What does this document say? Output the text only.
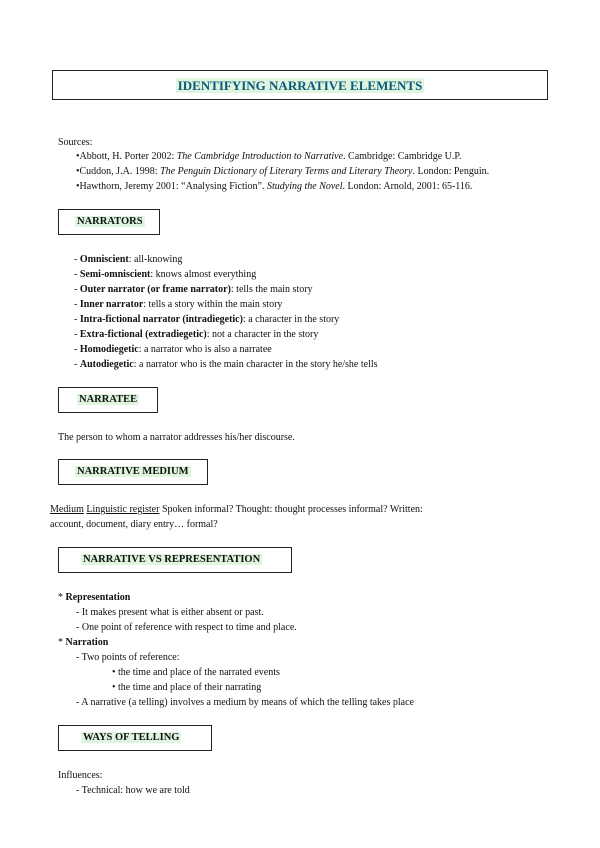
IDENTIFYING NARRATIVE ELEMENTS
Sources:
•Abbott, H. Porter 2002: The Cambridge Introduction to Narrative. Cambridge: Cambridge U.P.
•Cuddon, J.A. 1998: The Penguin Dictionary of Literary Terms and Literary Theory. London: Penguin.
•Hawthorn, Jeremy 2001: “Analysing Fiction”. Studying the Novel. London: Arnold, 2001: 65-116.
NARRATORS
- Omniscient: all-knowing
- Semi-omniscient: knows almost everything
- Outer narrator (or frame narrator): tells the main story
- Inner narrator: tells a story within the main story
- Intra-fictional narrator (intradiegetic): a character in the story
- Extra-fictional (extradiegetic): not a character in the story
- Homodiegetic: a narrator who is also a narratee
- Autodiegetic: a narrator who is the main character in the story he/she tells
NARRATEE
The person to whom a narrator addresses his/her discourse.
NARRATIVE MEDIUM
Medium Linguistic register Spoken informal? Thought: thought processes informal? Written:
account, document, diary entry… formal?
NARRATIVE VS REPRESENTATION
* Representation
- It makes present what is either absent or past.
- One point of reference with respect to time and place.
* Narration
- Two points of reference:
• the time and place of the narrated events
• the time and place of their narrating
- A narrative (a telling) involves a medium by means of which the telling takes place
WAYS OF TELLING
Influences:
- Technical: how we are told
